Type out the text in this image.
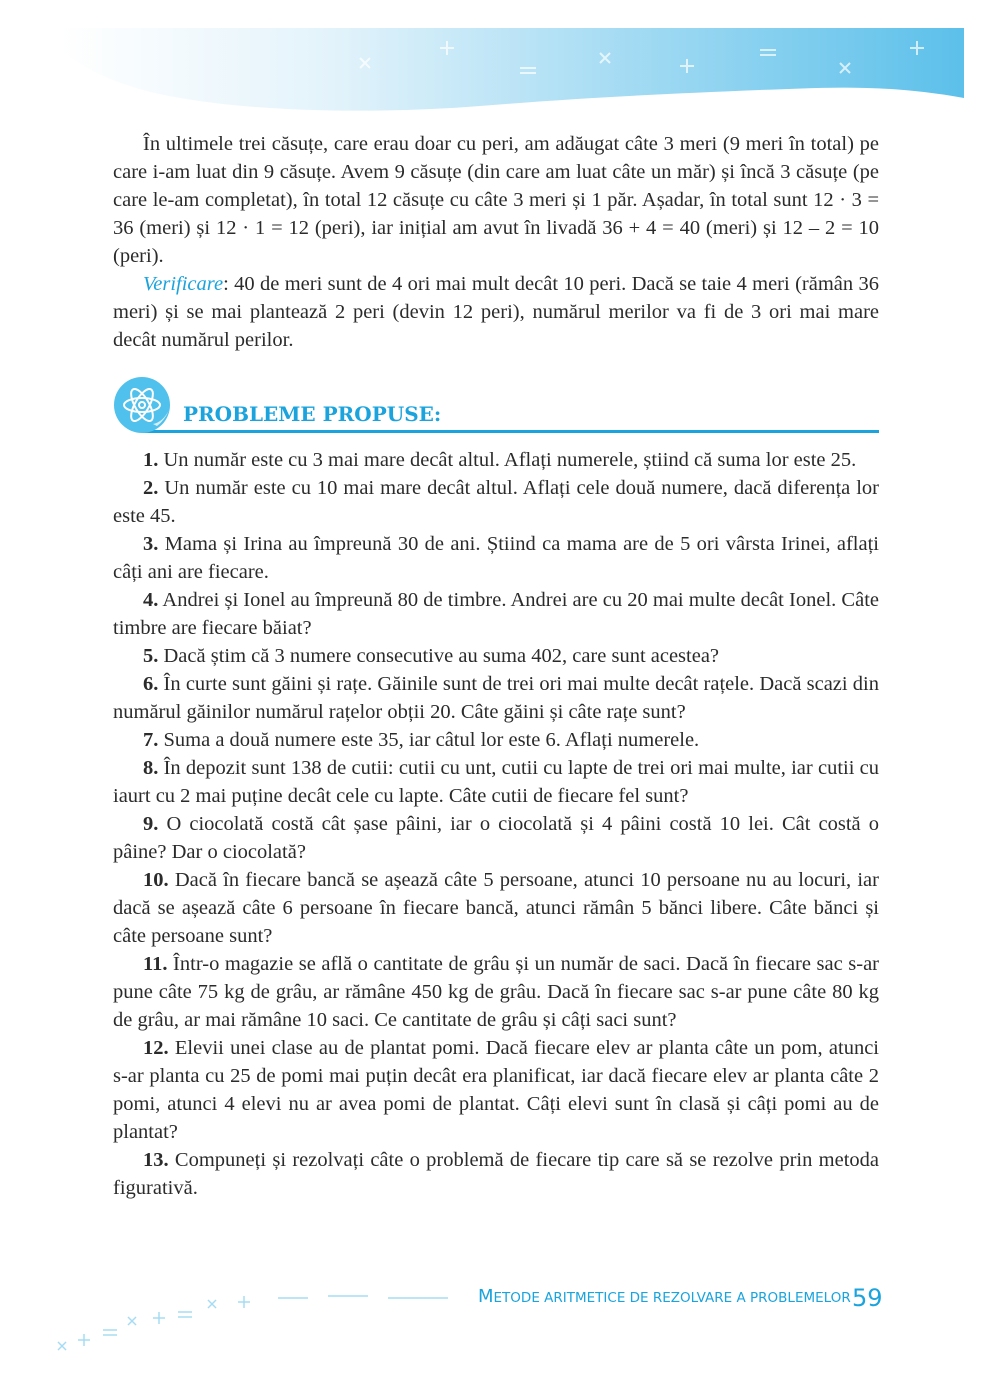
În ultimele trei căsuțe, care erau doar cu peri, am adăugat câte 3 meri (9 meri în total) pe care i-am luat din 9 căsuțe. Avem 9 căsuțe (din care am luat câte un măr) și încă 3 căsuțe (pe care le-am completat), în total 12 căsuțe cu câte 3 meri și 1 păr. Așadar, în total sunt 12 · 3 = 36 (meri) și 12 · 1 = 12 (peri), iar inițial am avut în livadă 36 + 4 = 40 (meri) și 12 – 2 = 10 (peri).

Verificare: 40 de meri sunt de 4 ori mai mult decât 10 peri. Dacă se taie 4 meri (rămân 36 meri) și se mai plantează 2 peri (devin 12 peri), numărul merilor va fi de 3 ori mai mare decât numărul perilor.

PROBLEME PROPUSE:

1. Un număr este cu 3 mai mare decât altul. Aflați numerele, știind că suma lor este 25.

2. Un număr este cu 10 mai mare decât altul. Aflați cele două numere, dacă diferența lor este 45.

3. Mama și Irina au împreună 30 de ani. Știind ca mama are de 5 ori vârsta Irinei, aflați câți ani are fiecare.

4. Andrei și Ionel au împreună 80 de timbre. Andrei are cu 20 mai multe decât Ionel. Câte timbre are fiecare băiat?

5. Dacă știm că 3 numere consecutive au suma 402, care sunt acestea?

6. În curte sunt găini și rațe. Găinile sunt de trei ori mai multe decât rațele. Dacă scazi din numărul găinilor numărul rațelor obții 20. Câte găini și câte rațe sunt?

7. Suma a două numere este 35, iar câtul lor este 6. Aflați numerele.

8. În depozit sunt 138 de cutii: cutii cu unt, cutii cu lapte de trei ori mai multe, iar cutii cu iaurt cu 2 mai puține decât cele cu lapte. Câte cutii de fiecare fel sunt?

9. O ciocolată costă cât șase pâini, iar o ciocolată și 4 pâini costă 10 lei. Cât costă o pâine? Dar o ciocolată?

10. Dacă în fiecare bancă se așează câte 5 persoane, atunci 10 persoane nu au locuri, iar dacă se așează câte 6 persoane în fiecare bancă, atunci rămân 5 bănci libere. Câte bănci și câte persoane sunt?

11. Într-o magazie se află o cantitate de grâu și un număr de saci. Dacă în fiecare sac s-ar pune câte 75 kg de grâu, ar rămâne 450 kg de grâu. Dacă în fiecare sac s-ar pune câte 80 kg de grâu, ar mai rămâne 10 saci. Ce cantitate de grâu și câți saci sunt?

12. Elevii unei clase au de plantat pomi. Dacă fiecare elev ar planta câte un pom, atunci s-ar planta cu 25 de pomi mai puțin decât era planificat, iar dacă fiecare elev ar planta câte 2 pomi, atunci 4 elevi nu ar avea pomi de plantat. Câți elevi sunt în clasă și câți pomi au de plantat?

13. Compuneți și rezolvați câte o problemă de fiecare tip care să se rezolve prin metoda figurativă.

METODE ARITMETICE DE REZOLVARE A PROBLEMELOR 59
